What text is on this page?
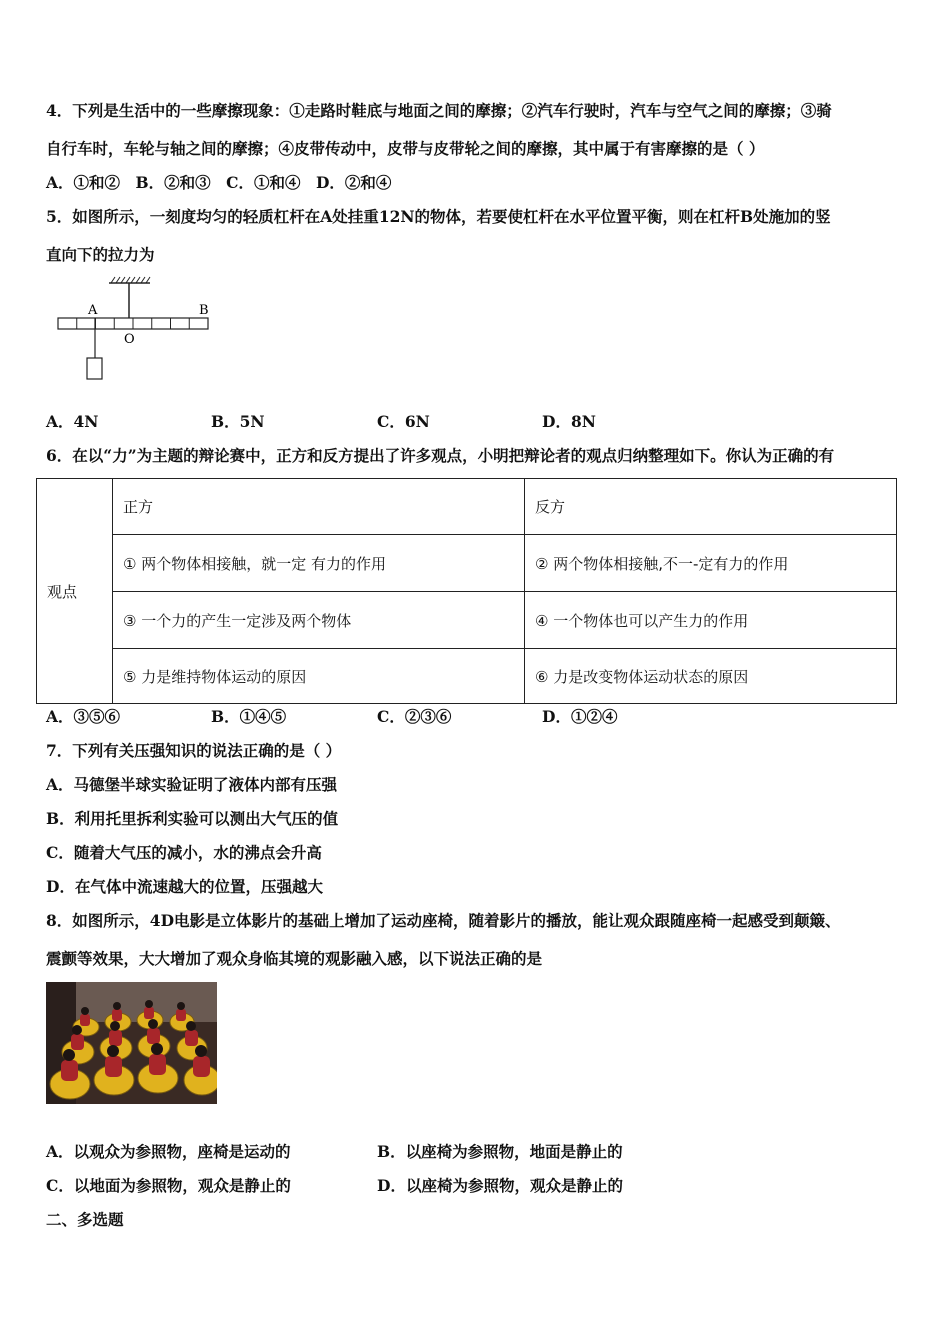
4．下列是生活中的一些摩擦现象：①走路时鞋底与地面之间的摩擦；②汽车行驶时，汽车与空气之间的摩擦；③骑
自行车时，车轮与轴之间的摩擦；④皮带传动中，皮带与皮带轮之间的摩擦，其中属于有害摩擦的是（ ）
A．①和②　B．②和③　C．①和④　D．②和④
5．如图所示，一刻度均匀的轻质杠杆在A处挂重12N的物体，若要使杠杆在水平位置平衡，则在杠杆B处施加的竖
直向下的拉力为
A
O
B
A．4N	B．5N	C．6N	D．8N
6．在以“力”为主题的辩论赛中，正方和反方提出了许多观点，小明把辩论者的观点归纳整理如下。你认为正确的有
观点	正方	反方
	① 两个物体相接触，就一定 有力的作用	② 两个物体相接触,不一-定有力的作用
	③ 一个力的产生一定涉及两个物体	④ 一个物体也可以产生力的作用
	⑤ 力是维持物体运动的原因	⑥ 力是改变物体运动状态的原因
A．③⑤⑥	B．①④⑤	C．②③⑥	D．①②④
7．下列有关压强知识的说法正确的是（ ）
A．马德堡半球实验证明了液体内部有压强
B．利用托里拆利实验可以测出大气压的值
C．随着大气压的减小，水的沸点会升高
D．在气体中流速越大的位置，压强越大
8．如图所示，4D电影是立体影片的基础上增加了运动座椅，随着影片的播放，能让观众跟随座椅一起感受到颠簸、
震颤等效果，大大增加了观众身临其境的观影融入感，以下说法正确的是
A．以观众为参照物，座椅是运动的	B．以座椅为参照物，地面是静止的
C．以地面为参照物，观众是静止的	D．以座椅为参照物，观众是静止的
二、多选题
